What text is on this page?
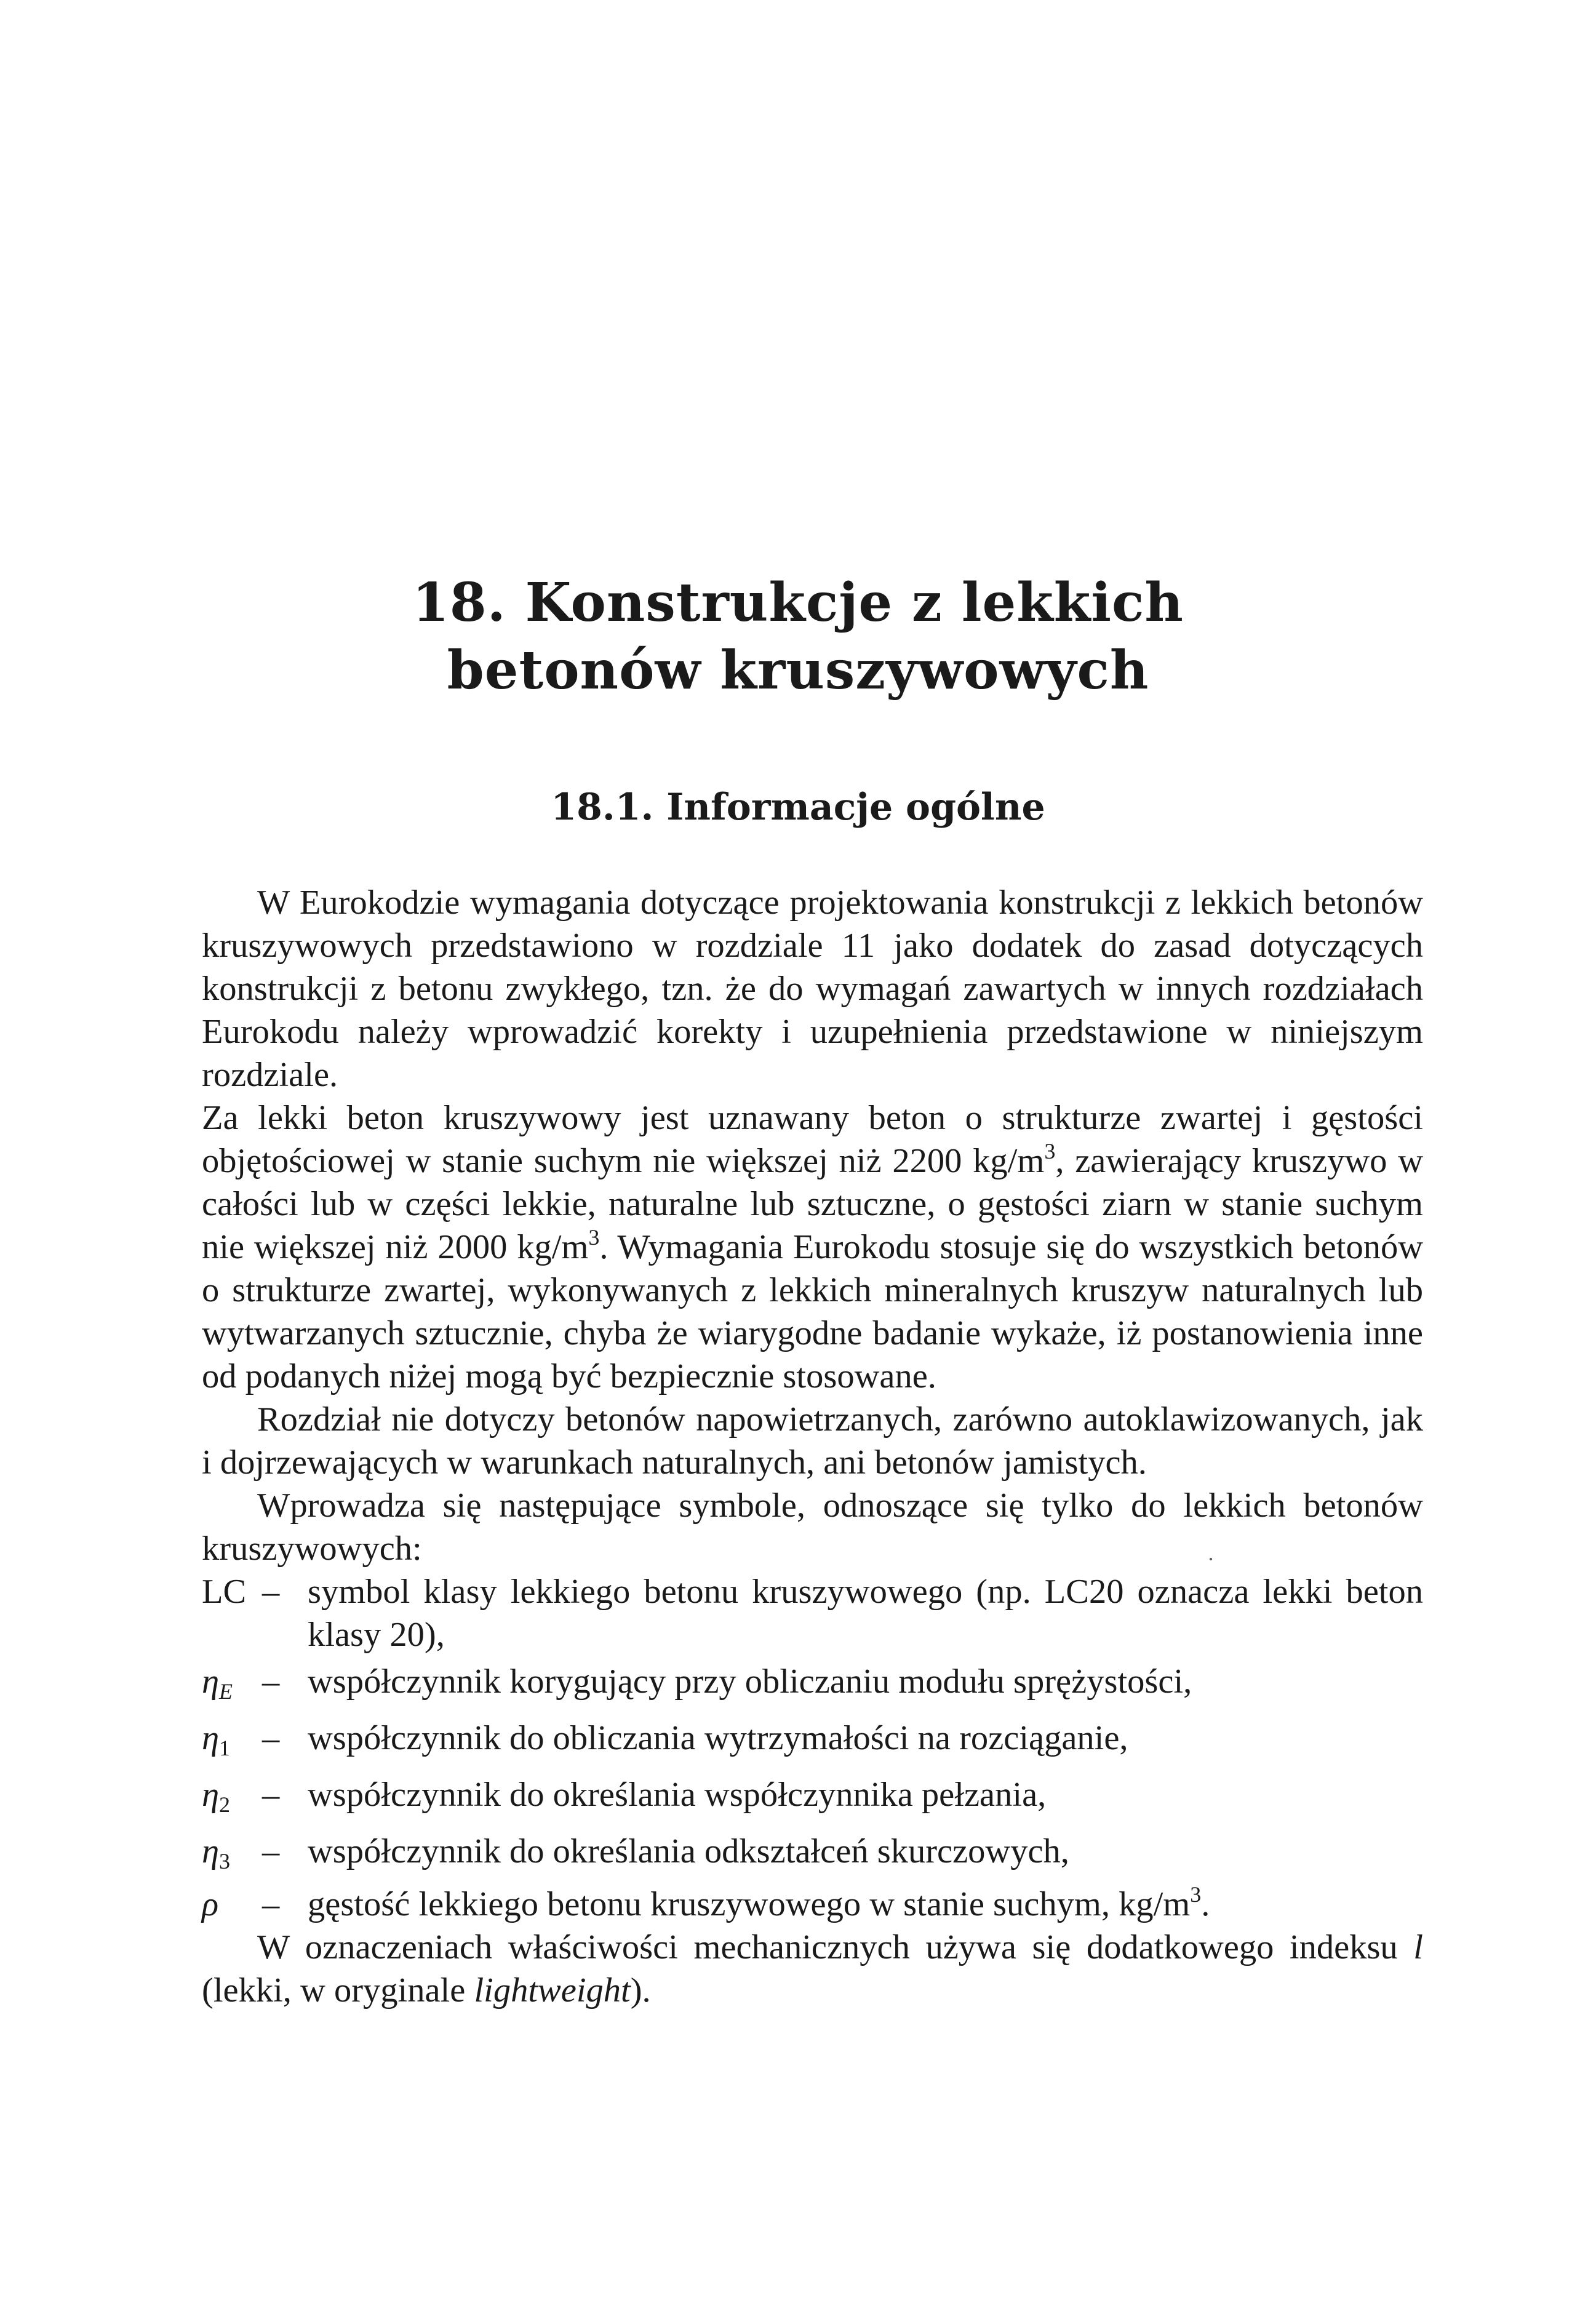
18. Konstrukcje z lekkich
betonów kruszywowych
18.1. Informacje ogólne

W Eurokodzie wymagania dotyczące projektowania konstrukcji z lekkich betonów kruszywowych przedstawiono w rozdziale 11 jako dodatek do zasad dotyczących konstrukcji z betonu zwykłego, tzn. że do wymagań zawartych w innych rozdziałach Eurokodu należy wprowadzić korekty i uzupełnienia przedstawione w niniejszym rozdziale.

Za lekki beton kruszywowy jest uznawany beton o strukturze zwartej i gęstości objętościowej w stanie suchym nie większej niż 2200 $kg/m^3$, zawierający kruszywo w całości lub w części lekkie, naturalne lub sztuczne, o gęstości ziarn w stanie suchym nie większej niż 2000 $kg/m^3$. Wymagania Eurokodu stosuje się do wszystkich betonów o strukturze zwartej, wykonywanych z lekkich mineralnych kruszyw naturalnych lub wytwarzanych sztucznie, chyba że wiarygodne badanie wykaże, iż postanowienia inne od podanych niżej mogą być bezpiecznie stosowane.

Rozdział nie dotyczy betonów napowietrzanych, zarówno autoklawizowanych, jak i dojrzewających w warunkach naturalnych, ani betonów jamistych.

Wprowadza się następujące symbole, odnoszące się tylko do lekkich betonów kruszywowych:

LC – symbol klasy lekkiego betonu kruszywowego (np. LC20 oznacza lekki beton klasy 20),
$\eta_E$ – współczynnik korygujący przy obliczaniu modułu sprężystości,
$\eta_1$ – współczynnik do obliczania wytrzymałości na rozciąganie,
$\eta_2$ – współczynnik do określania współczynnika pełzania,
$\eta_3$ – współczynnik do określania odkształceń skurczowych,
ρ	– gęstość lekkiego betonu kruszywowego w stanie suchym, $kg/m^3$.

W oznaczeniach właściwości mechanicznych używa się dodatkowego indeksu l (lekki, w oryginale lightweight).
